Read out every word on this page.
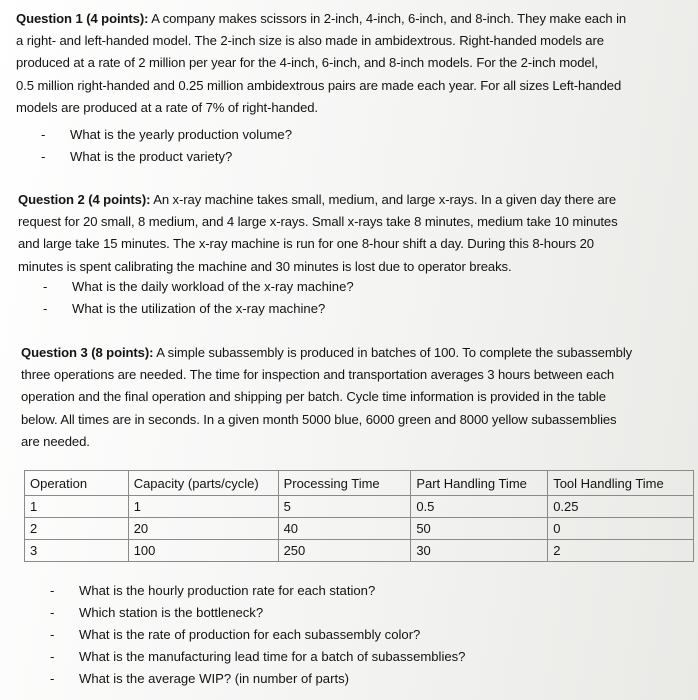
Question 1 (4 points): A company makes scissors in 2-inch, 4-inch, 6-inch, and 8-inch. They make each in
a right- and left-handed model. The 2-inch size is also made in ambidextrous. Right-handed models are
produced at a rate of 2 million per year for the 4-inch, 6-inch, and 8-inch models. For the 2-inch model,
0.5 million right-handed and 0.25 million ambidextrous pairs are made each year. For all sizes Left-handed
models are produced at a rate of 7% of right-handed.
- What is the yearly production volume?
- What is the product variety?
Question 2 (4 points): An x-ray machine takes small, medium, and large x-rays. In a given day there are
request for 20 small, 8 medium, and 4 large x-rays. Small x-rays take 8 minutes, medium take 10 minutes
and large take 15 minutes. The x-ray machine is run for one 8-hour shift a day. During this 8-hours 20
minutes is spent calibrating the machine and 30 minutes is lost due to operator breaks.
- What is the daily workload of the x-ray machine?
- What is the utilization of the x-ray machine?
Question 3 (8 points): A simple subassembly is produced in batches of 100. To complete the subassembly
three operations are needed. The time for inspection and transportation averages 3 hours between each
operation and the final operation and shipping per batch. Cycle time information is provided in the table
below. All times are in seconds. In a given month 5000 blue, 6000 green and 8000 yellow subassemblies
are needed.
Operation	Capacity (parts/cycle)	Processing Time	Part Handling Time	Tool Handling Time
1	1	5	0.5	0.25
2	20	40	50	0
3	100	250	30	2
- What is the hourly production rate for each station?
- Which station is the bottleneck?
- What is the rate of production for each subassembly color?
- What is the manufacturing lead time for a batch of subassemblies?
- What is the average WIP? (in number of parts)
